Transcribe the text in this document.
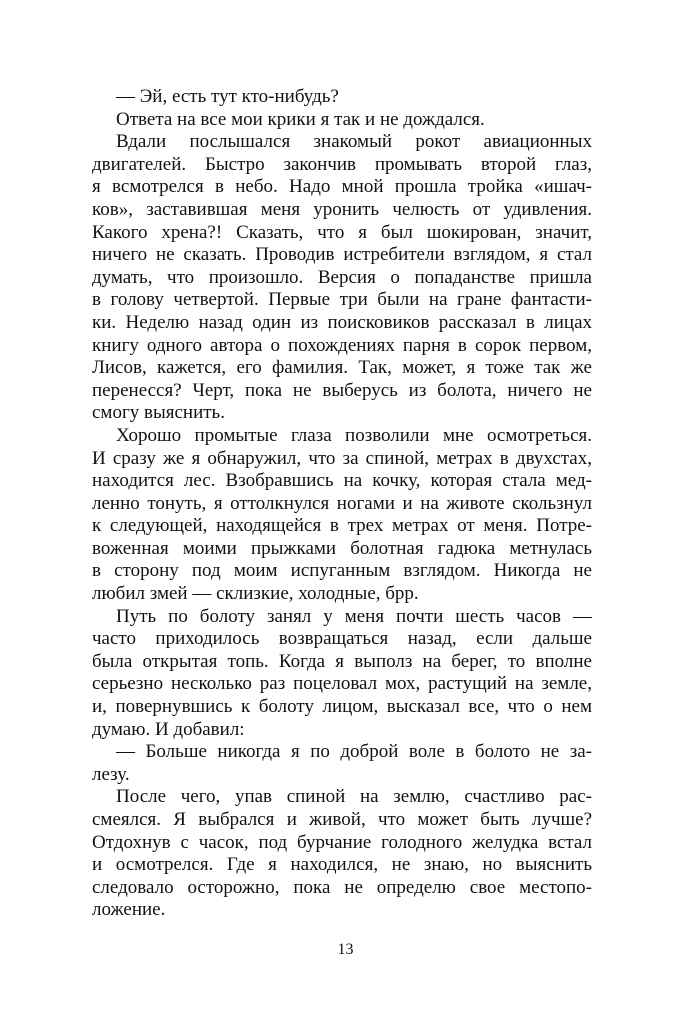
— Эй, есть тут кто-нибудь?
Ответа на все мои крики я так и не дождался.
Вдали послышался знакомый рокот авиационных
двигателей. Быстро закончив промывать второй глаз,
я всмотрелся в небо. Надо мной прошла тройка «ишач-
ков», заставившая меня уронить челюсть от удивления.
Какого хрена?! Сказать, что я был шокирован, значит,
ничего не сказать. Проводив истребители взглядом, я стал
думать, что произошло. Версия о попаданстве пришла
в голову четвертой. Первые три были на гране фантасти-
ки. Неделю назад один из поисковиков рассказал в лицах
книгу одного автора о похождениях парня в сорок первом,
Лисов, кажется, его фамилия. Так, может, я тоже так же
перенесся? Черт, пока не выберусь из болота, ничего не
смогу выяснить.
Хорошо промытые глаза позволили мне осмотреться.
И сразу же я обнаружил, что за спиной, метрах в двухстах,
находится лес. Взобравшись на кочку, которая стала мед-
ленно тонуть, я оттолкнулся ногами и на животе скользнул
к следующей, находящейся в трех метрах от меня. Потре-
воженная моими прыжками болотная гадюка метнулась
в сторону под моим испуганным взглядом. Никогда не
любил змей — склизкие, холодные, брр.
Путь по болоту занял у меня почти шесть часов —
часто приходилось возвращаться назад, если дальше
была открытая топь. Когда я выполз на берег, то вполне
серьезно несколько раз поцеловал мох, растущий на земле,
и, повернувшись к болоту лицом, высказал все, что о нем
думаю. И добавил:
— Больше никогда я по доброй воле в болото не за-
лезу.
После чего, упав спиной на землю, счастливо рас-
смеялся. Я выбрался и живой, что может быть лучше?
Отдохнув с часок, под бурчание голодного желудка встал
и осмотрелся. Где я находился, не знаю, но выяснить
следовало осторожно, пока не определю свое местопо-
ложение.
13
